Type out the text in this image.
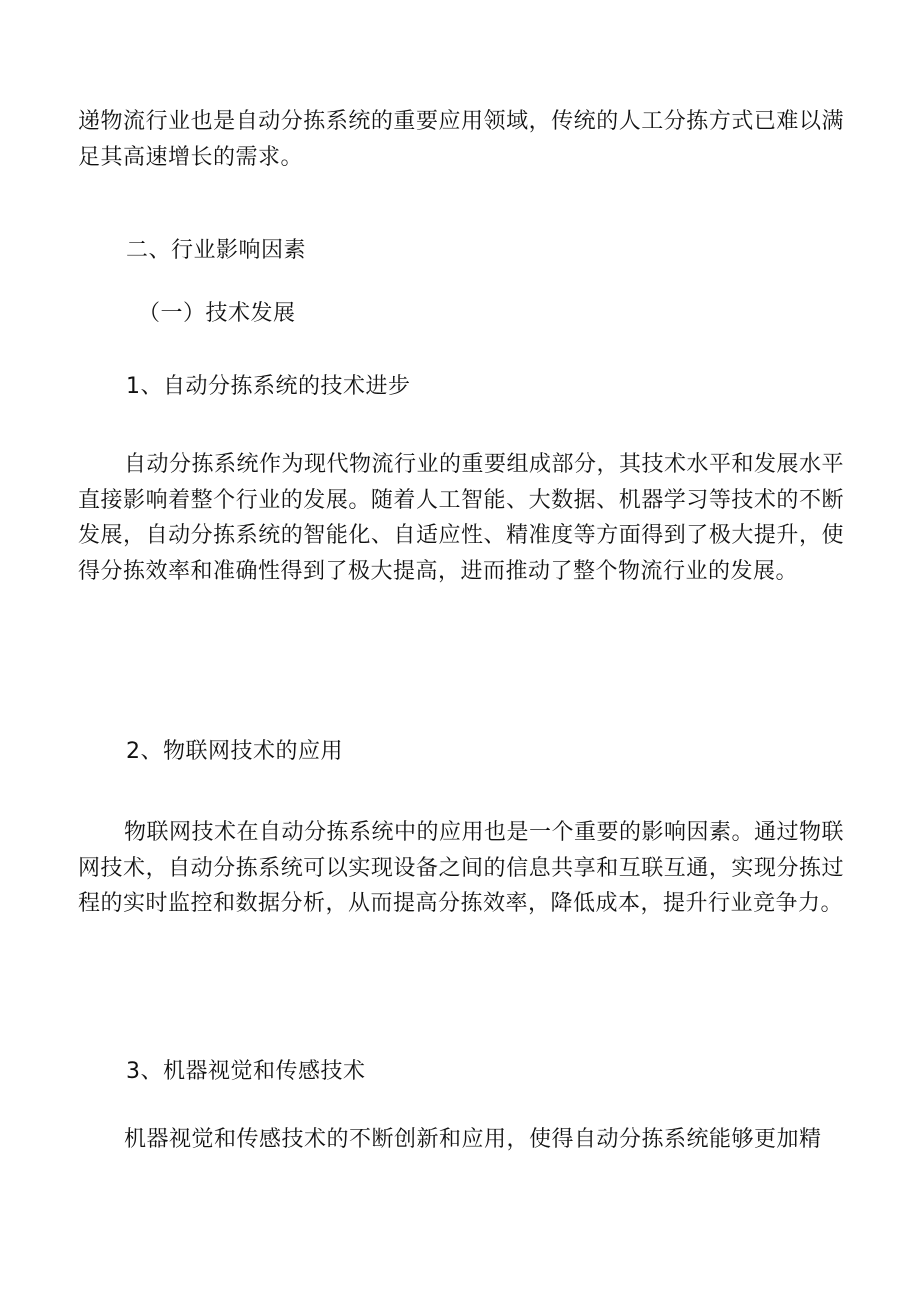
递物流行业也是自动分拣系统的重要应用领域，传统的人工分拣方式已难以满足其高速增长的需求。

二、行业影响因素

（一）技术发展

1、自动分拣系统的技术进步

自动分拣系统作为现代物流行业的重要组成部分，其技术水平和发展水平直接影响着整个行业的发展。随着人工智能、大数据、机器学习等技术的不断发展，自动分拣系统的智能化、自适应性、精准度等方面得到了极大提升，使得分拣效率和准确性得到了极大提高，进而推动了整个物流行业的发展。

2、物联网技术的应用

物联网技术在自动分拣系统中的应用也是一个重要的影响因素。通过物联网技术，自动分拣系统可以实现设备之间的信息共享和互联互通，实现分拣过程的实时监控和数据分析，从而提高分拣效率，降低成本，提升行业竞争力。

3、机器视觉和传感技术

机器视觉和传感技术的不断创新和应用，使得自动分拣系统能够更加精
